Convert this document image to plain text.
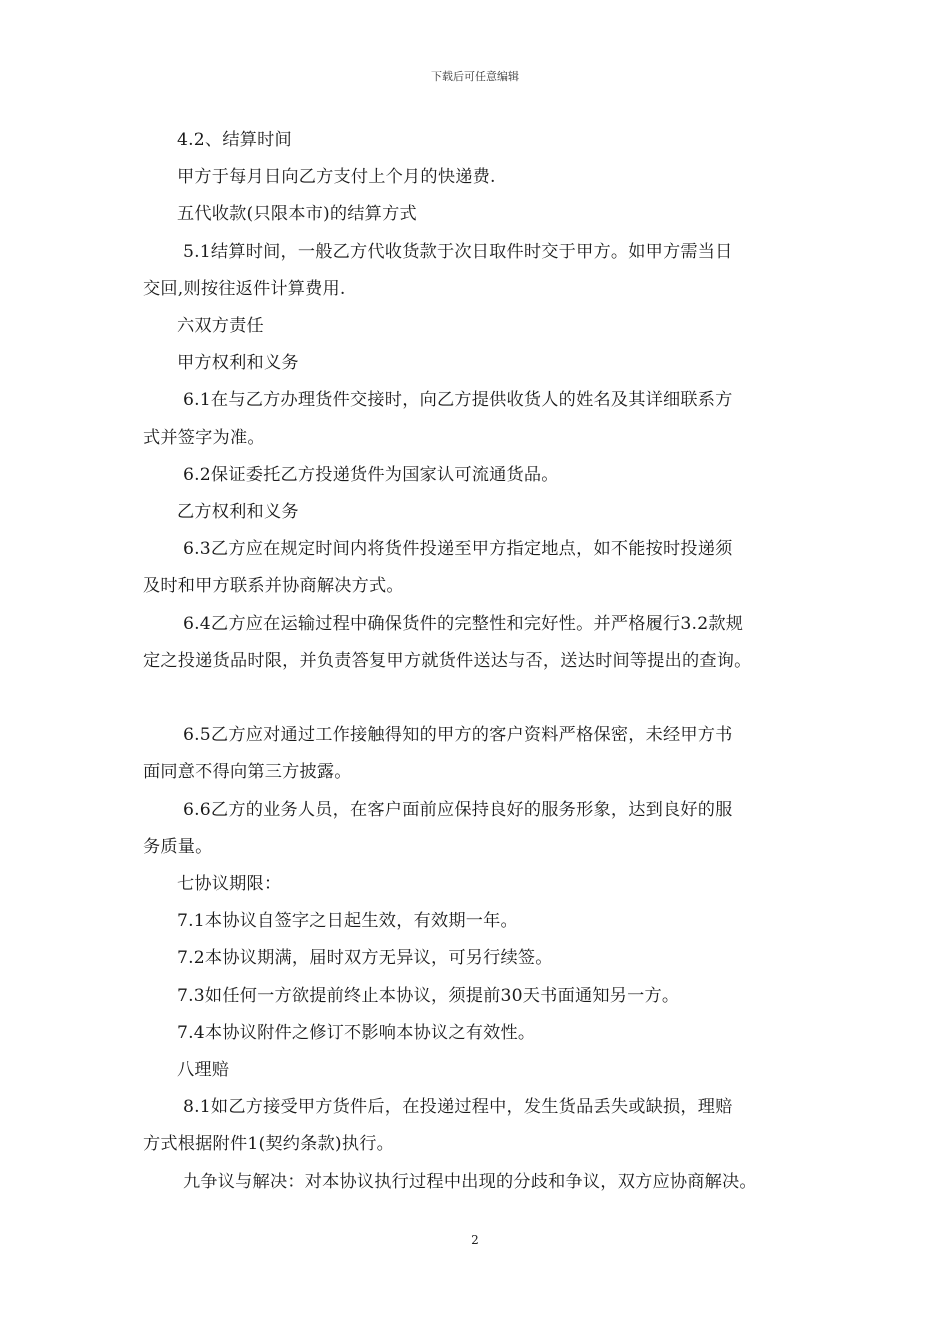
下载后可任意编辑

4.2、结算时间

甲方于每月日向乙方支付上个月的快递费.

五代收款(只限本市)的结算方式

5.1结算时间，一般乙方代收货款于次日取件时交于甲方。如甲方需当日

交回,则按往返件计算费用.

六双方责任

甲方权利和义务

6.1在与乙方办理货件交接时，向乙方提供收货人的姓名及其详细联系方

式并签字为准。

6.2保证委托乙方投递货件为国家认可流通货品。

乙方权利和义务

6.3乙方应在规定时间内将货件投递至甲方指定地点，如不能按时投递须

及时和甲方联系并协商解决方式。

6.4乙方应在运输过程中确保货件的完整性和完好性。并严格履行3.2款规

定之投递货品时限，并负责答复甲方就货件送达与否，送达时间等提出的查询。

6.5乙方应对通过工作接触得知的甲方的客户资料严格保密，未经甲方书

面同意不得向第三方披露。

6.6乙方的业务人员，在客户面前应保持良好的服务形象，达到良好的服

务质量。

七协议期限：

7.1本协议自签字之日起生效，有效期一年。

7.2本协议期满，届时双方无异议，可另行续签。

7.3如任何一方欲提前终止本协议，须提前30天书面通知另一方。

7.4本协议附件之修订不影响本协议之有效性。

八理赔

8.1如乙方接受甲方货件后，在投递过程中，发生货品丢失或缺损，理赔

方式根据附件1(契约条款)执行。

九争议与解决：对本协议执行过程中出现的分歧和争议，双方应协商解决。

2
